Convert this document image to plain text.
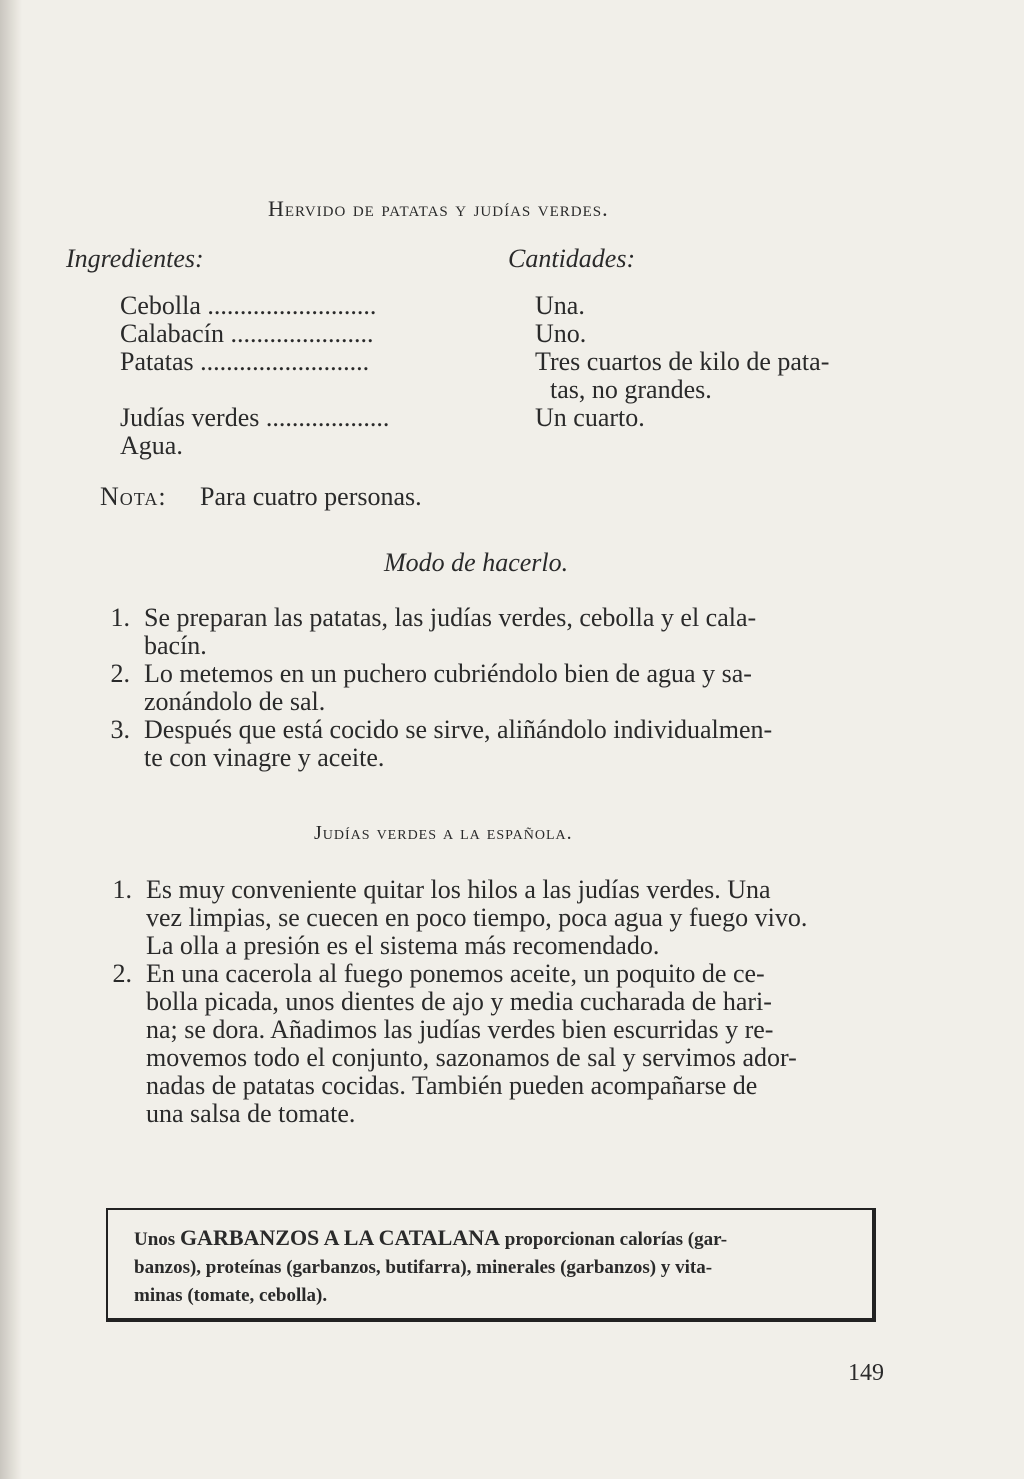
Hervido de patatas y judías verdes.
Ingredientes:	Cantidades:
Cebolla ..........................
Calabacín ......................
Patatas ..........................
Judías verdes ...................
Agua.
Una.
Uno.
Tres cuartos de kilo de pata-
tas, no grandes.
Un cuarto.
Nota: Para cuatro personas.
Modo de hacerlo.
1. Se preparan las patatas, las judías verdes, cebolla y el cala-
bacín.
2. Lo metemos en un puchero cubriéndolo bien de agua y sa-
zonándolo de sal.
3. Después que está cocido se sirve, aliñándolo individualmen-
te con vinagre y aceite.
Judías verdes a la española.
1. Es muy conveniente quitar los hilos a las judías verdes. Una
vez limpias, se cuecen en poco tiempo, poca agua y fuego vivo.
La olla a presión es el sistema más recomendado.
2. En una cacerola al fuego ponemos aceite, un poquito de ce-
bolla picada, unos dientes de ajo y media cucharada de hari-
na; se dora. Añadimos las judías verdes bien escurridas y re-
movemos todo el conjunto, sazonamos de sal y servimos ador-
nadas de patatas cocidas. También pueden acompañarse de
una salsa de tomate.
Unos GARBANZOS A LA CATALANA proporcionan calorías (gar-
banzos), proteínas (garbanzos, butifarra), minerales (garbanzos) y vita-
minas (tomate, cebolla).
149
